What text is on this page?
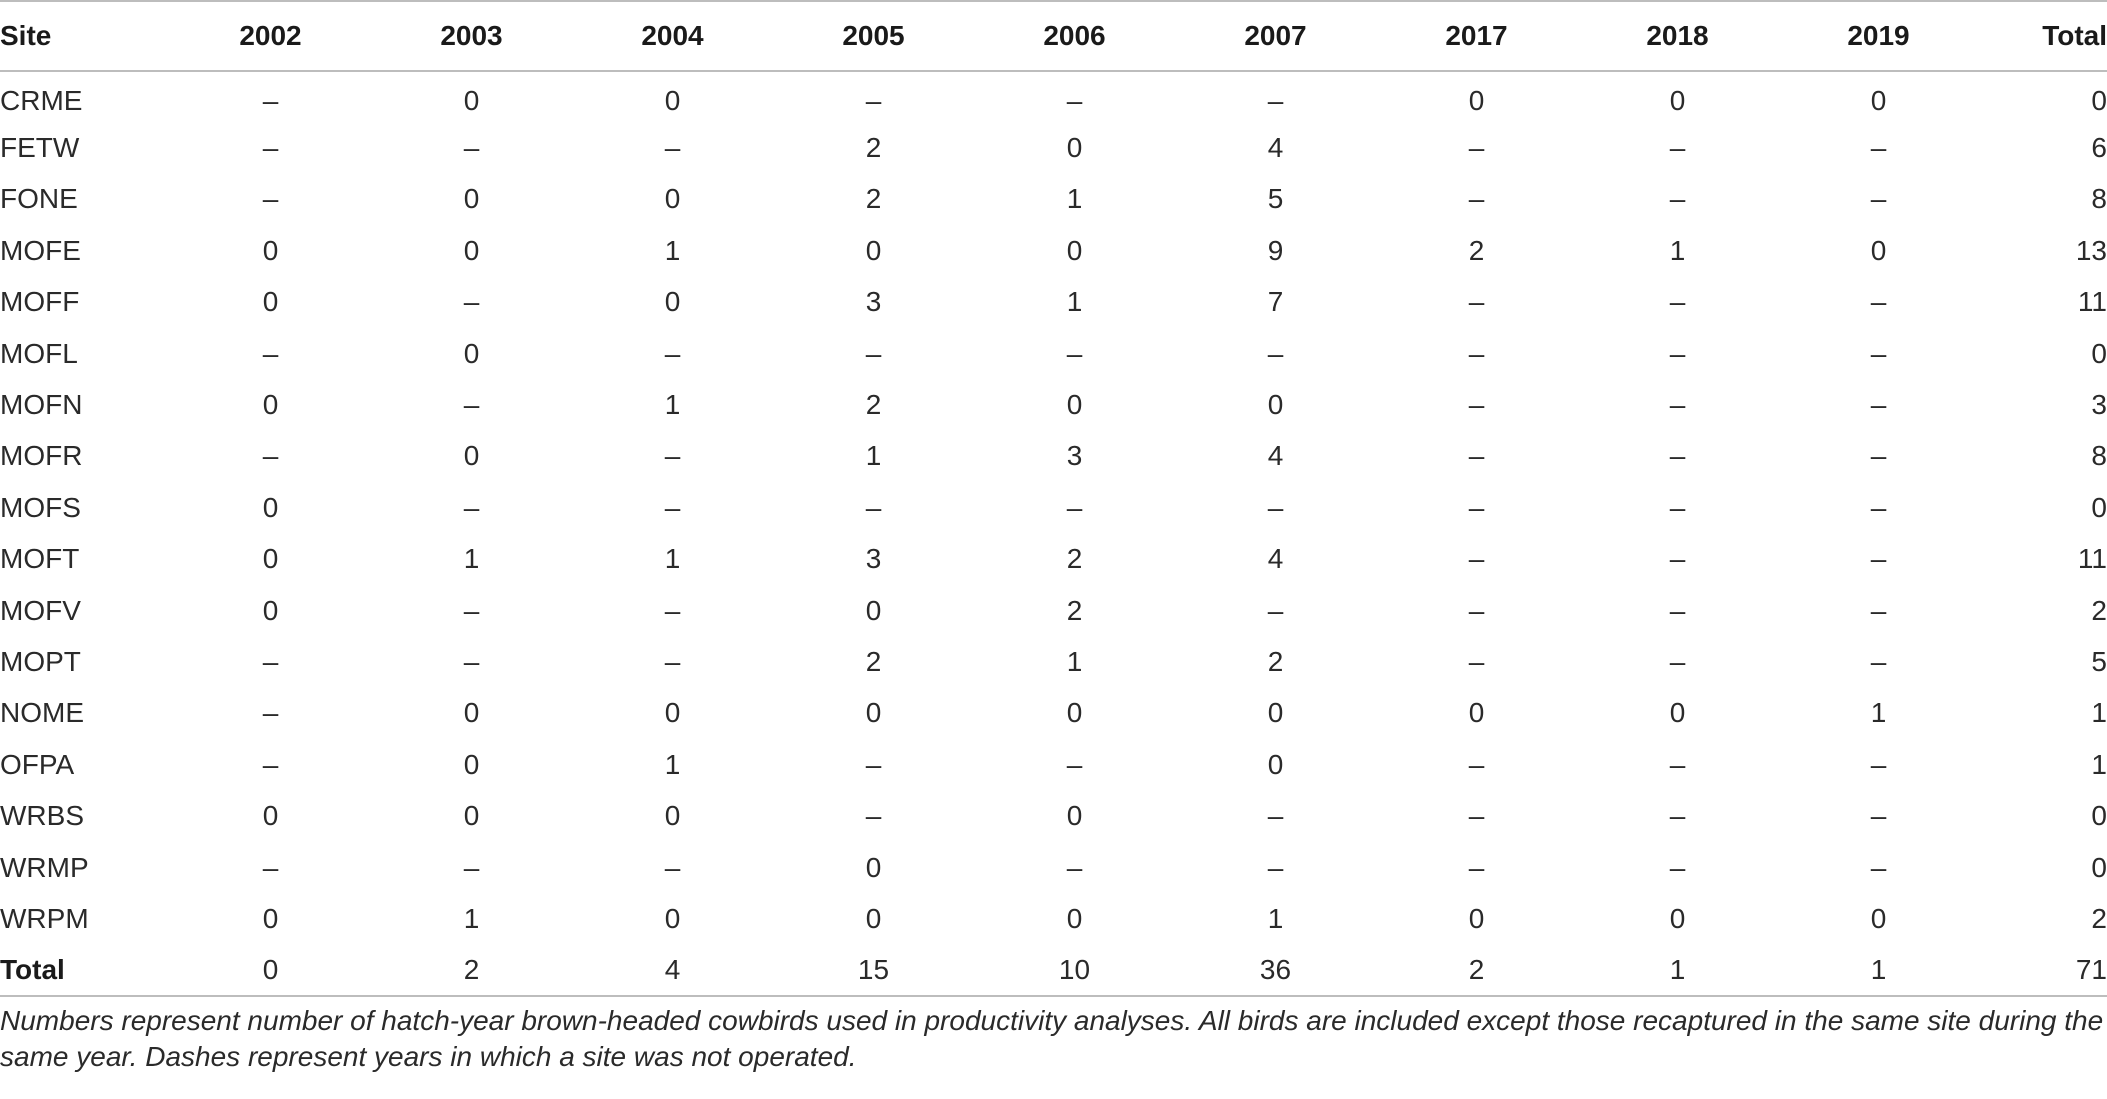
Site	2002	2003	2004	2005	2006	2007	2017	2018	2019	Total
CRME	–	0	0	–	–	–	0	0	0	0
FETW	–	–	–	2	0	4	–	–	–	6
FONE	–	0	0	2	1	5	–	–	–	8
MOFE	0	0	1	0	0	9	2	1	0	13
MOFF	0	–	0	3	1	7	–	–	–	11
MOFL	–	0	–	–	–	–	–	–	–	0
MOFN	0	–	1	2	0	0	–	–	–	3
MOFR	–	0	–	1	3	4	–	–	–	8
MOFS	0	–	–	–	–	–	–	–	–	0
MOFT	0	1	1	3	2	4	–	–	–	11
MOFV	0	–	–	0	2	–	–	–	–	2
MOPT	–	–	–	2	1	2	–	–	–	5
NOME	–	0	0	0	0	0	0	0	1	1
OFPA	–	0	1	–	–	0	–	–	–	1
WRBS	0	0	0	–	0	–	–	–	–	0
WRMP	–	–	–	0	–	–	–	–	–	0
WRPM	0	1	0	0	0	1	0	0	0	2
Total	0	2	4	15	10	36	2	1	1	71

Numbers represent number of hatch-year brown-headed cowbirds used in productivity analyses. All birds are included except those recaptured in the same site during the same year. Dashes represent years in which a site was not operated.
